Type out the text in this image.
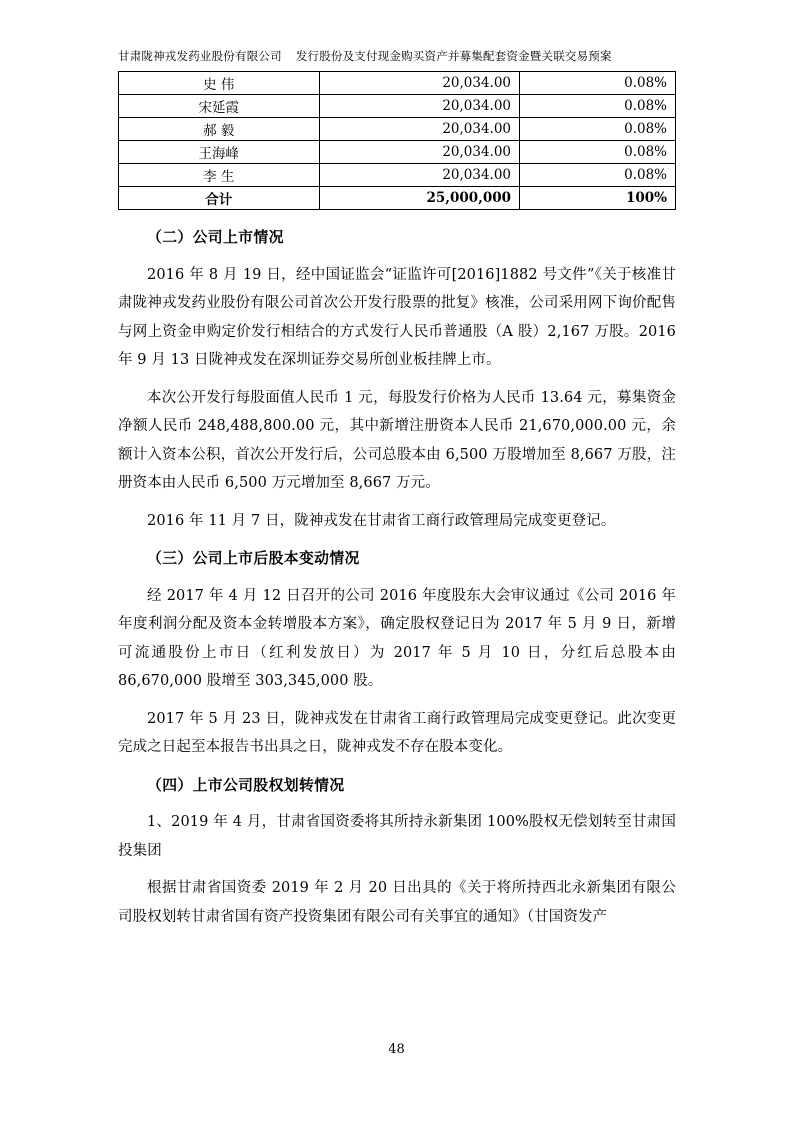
甘肃陇神戎发药业股份有限公司 发行股份及支付现金购买资产并募集配套资金暨关联交易预案
史 伟	20,034.00	0.08%
宋延霞	20,034.00	0.08%
郝 毅	20,034.00	0.08%
王海峰	20,034.00	0.08%
李 生	20,034.00	0.08%
合计	25,000,000	100%

（二）公司上市情况

2016 年 8 月 19 日，经中国证监会“证监许可[2016]1882 号文件”《关于核准甘肃陇神戎发药业股份有限公司首次公开发行股票的批复》核准，公司采用网下询价配售与网上资金申购定价发行相结合的方式发行人民币普通股（A 股）2,167 万股。2016 年 9 月 13 日陇神戎发在深圳证券交易所创业板挂牌上市。

本次公开发行每股面值人民币 1 元，每股发行价格为人民币 13.64 元，募集资金净额人民币 248,488,800.00 元，其中新增注册资本人民币 21,670,000.00 元，余额计入资本公积，首次公开发行后，公司总股本由 6,500 万股增加至 8,667 万股，注册资本由人民币 6,500 万元增加至 8,667 万元。

2016 年 11 月 7 日，陇神戎发在甘肃省工商行政管理局完成变更登记。

（三）公司上市后股本变动情况

经 2017 年 4 月 12 日召开的公司 2016 年度股东大会审议通过《公司 2016 年年度利润分配及资本金转增股本方案》，确定股权登记日为 2017 年 5 月 9 日，新增可流通股份上市日（红利发放日）为 2017 年 5 月 10 日，分红后总股本由 86,670,000 股增至 303,345,000 股。

2017 年 5 月 23 日，陇神戎发在甘肃省工商行政管理局完成变更登记。此次变更完成之日起至本报告书出具之日，陇神戎发不存在股本变化。

（四）上市公司股权划转情况

1、2019 年 4 月，甘肃省国资委将其所持永新集团 100%股权无偿划转至甘肃国投集团

根据甘肃省国资委 2019 年 2 月 20 日出具的《关于将所持西北永新集团有限公司股权划转甘肃省国有资产投资集团有限公司有关事宜的通知》（甘国资发产

48
